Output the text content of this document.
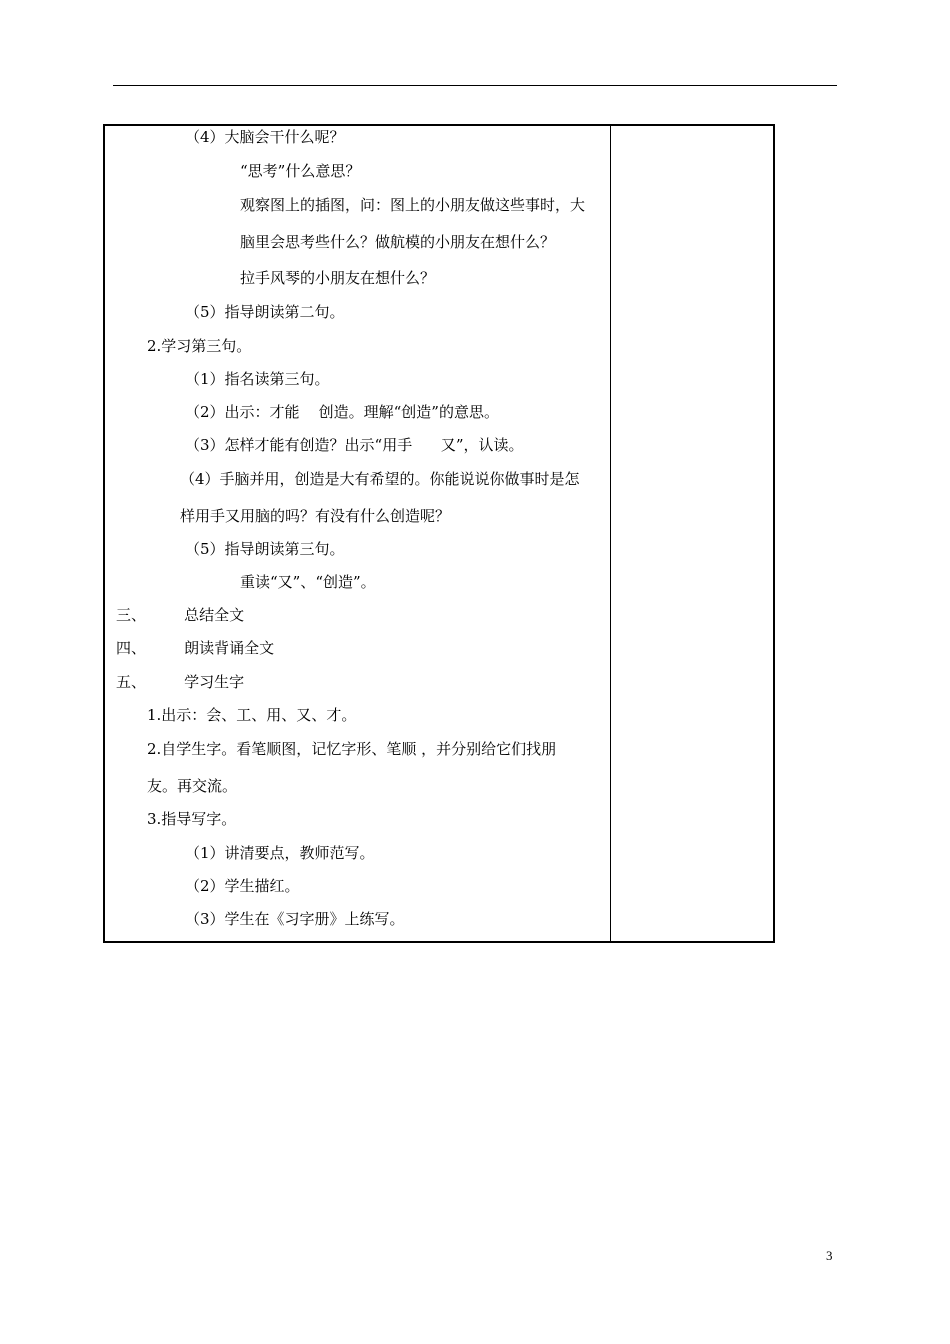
（4）大脑会干什么呢？
“思考”什么意思？
观察图上的插图，问：图上的小朋友做这些事时，大
脑里会思考些什么？做航模的小朋友在想什么？
拉手风琴的小朋友在想什么？
（5）指导朗读第二句。
2.学习第三句。
（1）指名读第三句。
（2）出示：才能    创造。理解“创造”的意思。
（3）怎样才能有创造？出示“用手      又”，认读。
（4）手脑并用，创造是大有希望的。你能说说你做事时是怎
样用手又用脑的吗？有没有什么创造呢？
（5）指导朗读第三句。
重读“又”、“创造”。
三、        总结全文
四、        朗读背诵全文
五、        学习生字
1.出示：会、工、用、又、才。
2.自学生字。看笔顺图，记忆字形、笔顺 ，并分别给它们找朋
友。再交流。
3.指导写字。
（1）讲清要点，教师范写。
（2）学生描红。
（3）学生在《习字册》上练写。
3
